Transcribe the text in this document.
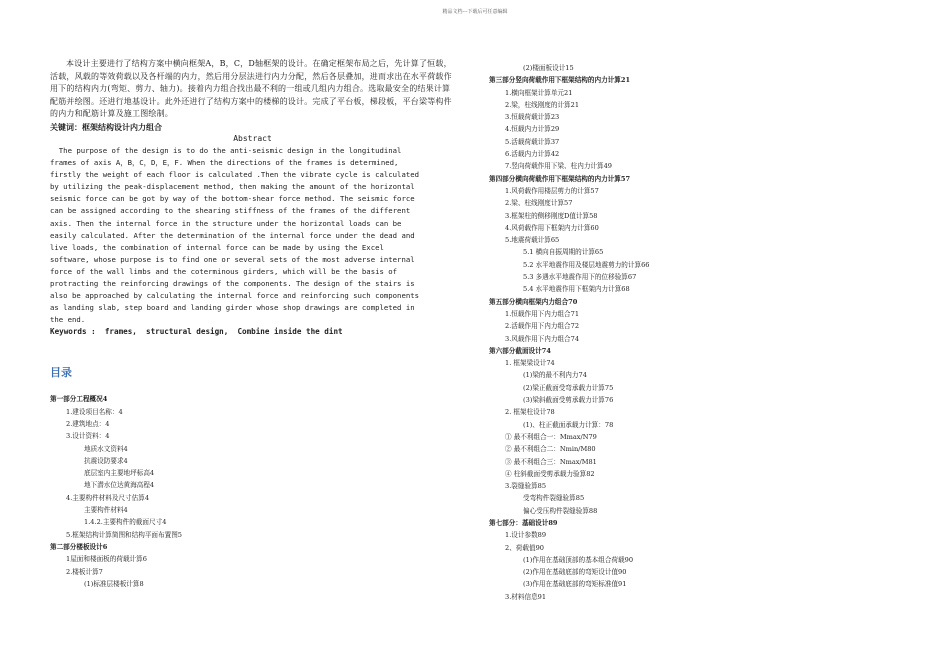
精品文档---下载后可任意编辑

本设计主要进行了结构方案中横向框架A，B，C，D轴框架的设计。在确定框架布局之后，先计算了恒载，活载，风载的等效荷载以及各杆端的内力，然后用分层法进行内力分配，然后各层叠加，进而求出在水平荷载作用下的结构内力(弯矩、剪力、轴力)。接着内力组合找出最不利的一组或几组内力组合。选取最安全的结果计算配筋并绘图。还进行地基设计。此外还进行了结构方案中的楼梯的设计。完成了平台板，梯段板，平台梁等构件的内力和配筋计算及施工图绘制。

关键词：框架结构设计内力组合

Abstract
The purpose of the design is to do the anti-seismic design in the longitudinal
frames of axis A，B，C，D，E，F. When the directions of the frames is determined,
firstly the weight of each floor is calculated .Then the vibrate cycle is calculated
by utilizing the peak-displacement method, then making the amount of the horizontal
seismic force can be got by way of the bottom-shear force method. The seismic force
can be assigned according to the shearing stiffness of the frames of the different
axis. Then the internal force in the structure under the horizontal loads can be
easily calculated. After the determination of the internal force under the dead and
live loads, the combination of internal force can be made by using the Excel
software, whose purpose is to find one or several sets of the most adverse internal
force of the wall limbs and the coterminous girders, which will be the basis of
protracting the reinforcing drawings of the components. The design of the stairs is
also be approached by calculating the internal force and reinforcing such components
as landing slab, step board and landing girder whose shop drawings are completed in
the end.

Keywords :  frames,  structural design,  Combine inside the dint

目录
第一部分工程概况4
1.建设项目名称：4
2.建筑地点：4
3.设计资料：4
地质水文资料4
抗震设防要求4
底层室内主要地坪标高4
地下潜水位达黄海高程4
4.主要构件材料及尺寸估算4
主要构件材料4
1.4.2.主要构件的截面尺寸4
5.框架结构计算简图和结构平面布置图5
第二部分楼板设计6
1屋面和楼面板的荷载计算6
2.楼板计算7
(1)标准层楼板计算8
(2)楼面板设计15
第三部分竖向荷载作用下框架结构的内力计算21
1.横向框架计算单元21
2.梁，柱线刚度的计算21
3.恒载荷载计算23
4.恒载内力计算29
5.活载荷载计算37
6.活载内力计算42
7.竖向荷载作用下梁、柱内力计算49
第四部分横向荷载作用下框架结构的内力计算57
1.风荷载作用楼层剪力的计算57
2.梁、柱线刚度计算57
3.框架柱的侧移刚度D值计算58
4.风荷载作用下框架内力计算60
5.地震荷载计算65
5.1 横向自振周期的计算65
5.2 水平地震作用及楼层地震剪力的计算66
5.3 多遇水平地震作用下的位移验算67
5.4 水平地震作用下框架内力计算68
第五部分横向框架内力组合70
1.恒载作用下内力组合71
2.活载作用下内力组合72
3.风载作用下内力组合74
第六部分截面设计74
1. 框架梁设计74
(1)梁的最不利内力74
(2)梁正截面受弯承载力计算75
(3)梁斜截面受剪承载力计算76
2. 框架柱设计78
(1)、柱正截面承载力计算：78
① 最不利组合一：Mmax/N79
② 最不利组合二：Nmin/M80
③ 最不利组合三：Nmax/M81
④ 柱斜截面受剪承载力验算82
3.裂缝验算85
受弯构件裂缝验算85
偏心受压构件裂缝验算88
第七部分：基础设计89
1.设计参数89
2、荷载值90
(1)作用在基础顶部的基本组合荷载90
(2)作用在基础底部的弯矩设计值90
(3)作用在基础底部的弯矩标准值91
3.材料信息91
